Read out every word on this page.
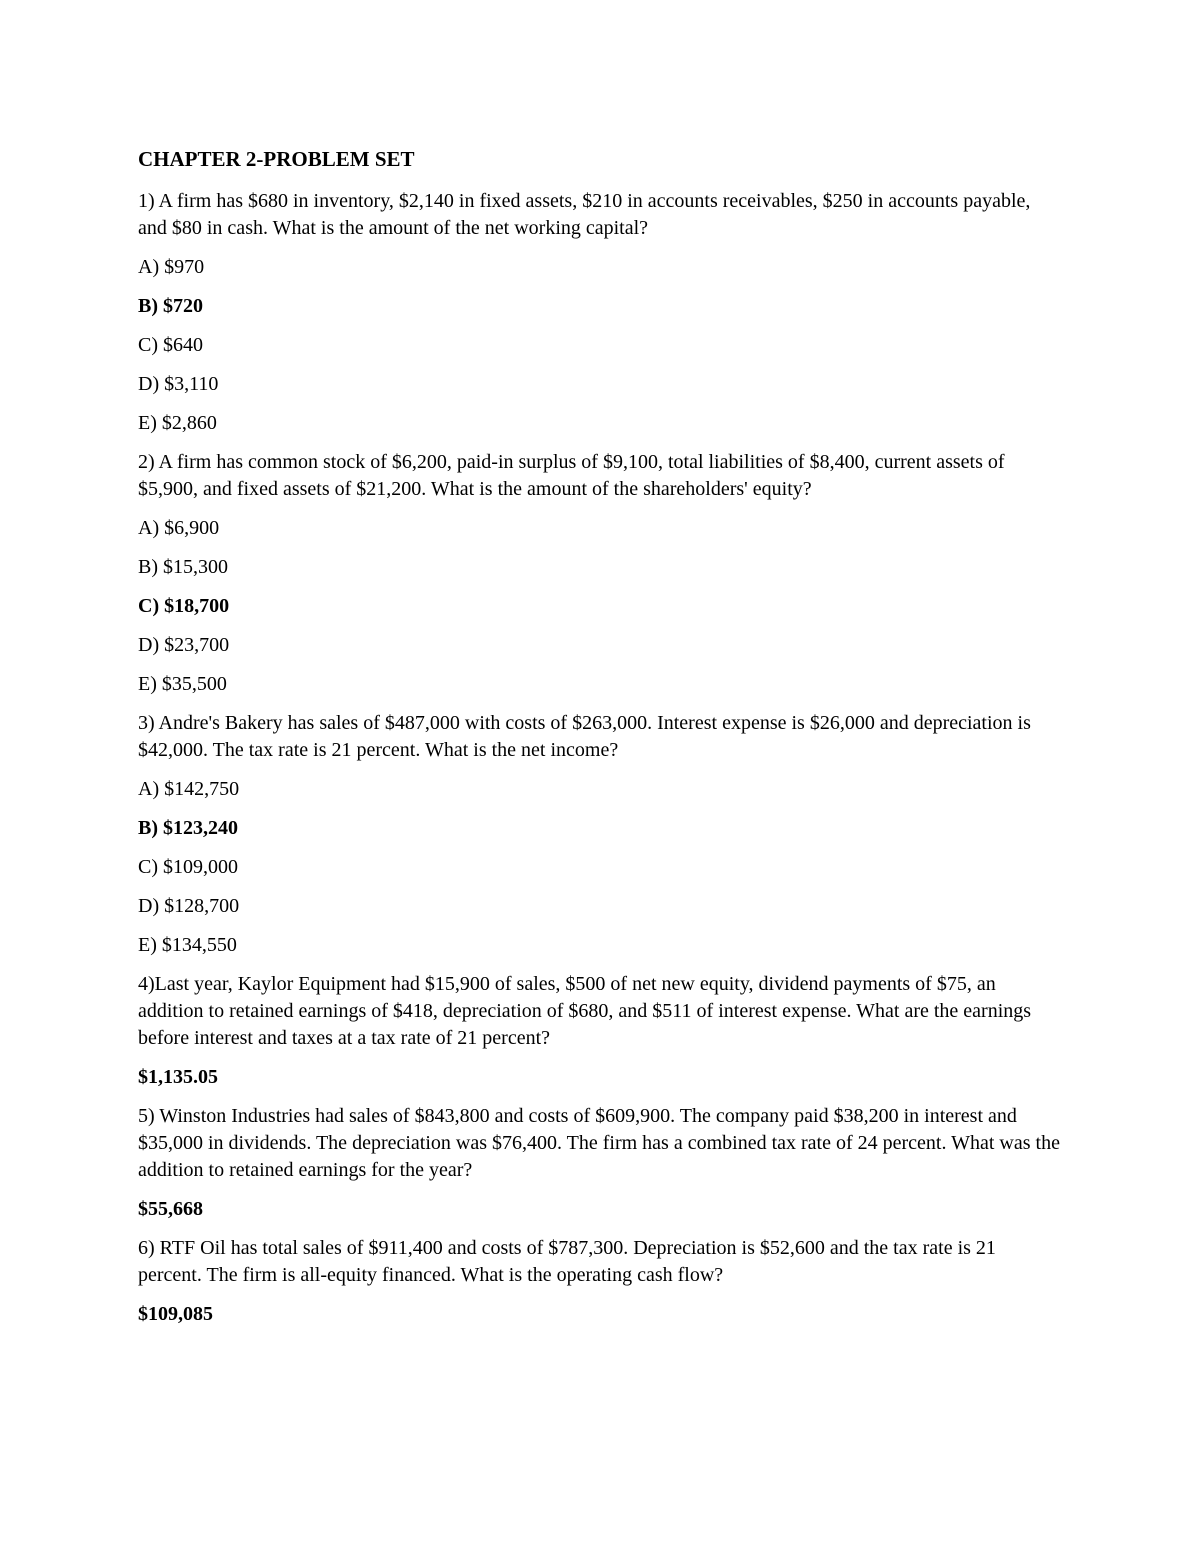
CHAPTER 2-PROBLEM SET
1) A firm has $680 in inventory, $2,140 in fixed assets, $210 in accounts receivables, $250 in accounts payable, and $80 in cash. What is the amount of the net working capital?
A) $970
B) $720
C) $640
D) $3,110
E) $2,860
2) A firm has common stock of $6,200, paid-in surplus of $9,100, total liabilities of $8,400, current assets of $5,900, and fixed assets of $21,200. What is the amount of the shareholders' equity?
A) $6,900
B) $15,300
C) $18,700
D) $23,700
E) $35,500
3) Andre's Bakery has sales of $487,000 with costs of $263,000. Interest expense is $26,000 and depreciation is $42,000. The tax rate is 21 percent. What is the net income?
A) $142,750
B) $123,240
C) $109,000
D) $128,700
E) $134,550
4)Last year, Kaylor Equipment had $15,900 of sales, $500 of net new equity, dividend payments of $75, an addition to retained earnings of $418, depreciation of $680, and $511 of interest expense. What are the earnings before interest and taxes at a tax rate of 21 percent?
$1,135.05
5) Winston Industries had sales of $843,800 and costs of $609,900. The company paid $38,200 in interest and $35,000 in dividends. The depreciation was $76,400. The firm has a combined tax rate of 24 percent. What was the addition to retained earnings for the year?
$55,668
6) RTF Oil has total sales of $911,400 and costs of $787,300. Depreciation is $52,600 and the tax rate is 21 percent. The firm is all-equity financed. What is the operating cash flow?
$109,085
